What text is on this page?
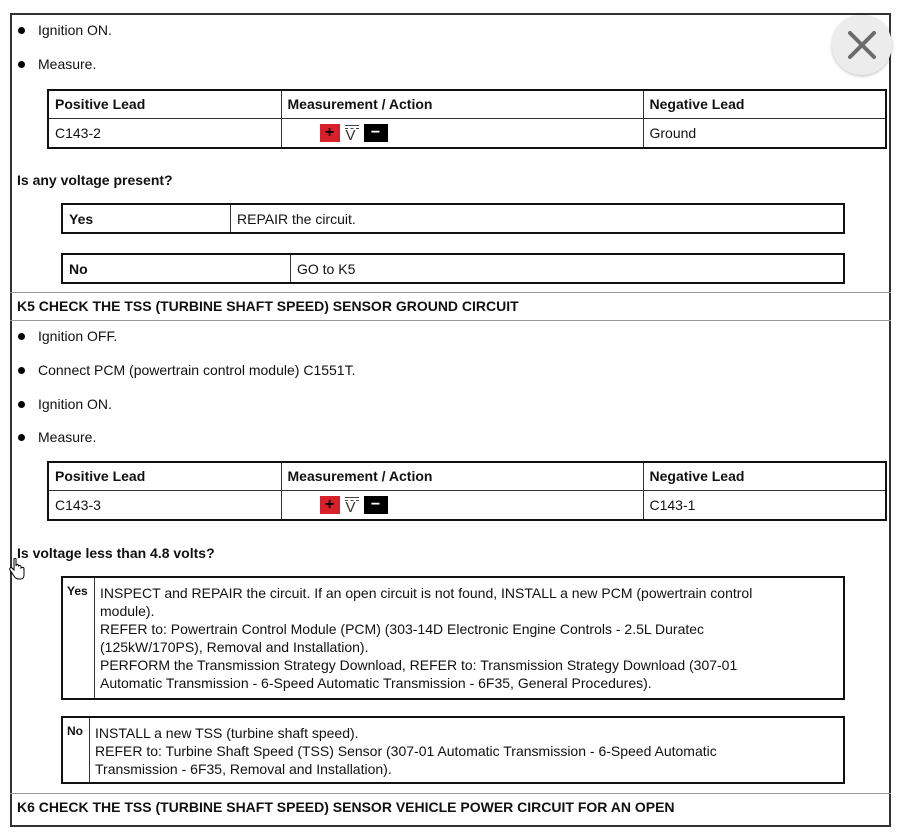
Ignition ON.
Measure.
Positive Lead	Measurement / Action	Negative Lead
C143-2	+ V −	Ground
Is any voltage present?
Yes	REPAIR the circuit.
No	GO to K5
K5 CHECK THE TSS (TURBINE SHAFT SPEED) SENSOR GROUND CIRCUIT
Ignition OFF.
Connect PCM (powertrain control module) C1551T.
Ignition ON.
Measure.
Positive Lead	Measurement / Action	Negative Lead
C143-3	+ V −	C143-1
Is voltage less than 4.8 volts?
Yes INSPECT and REPAIR the circuit. If an open circuit is not found, INSTALL a new PCM (powertrain control
module).
REFER to: Powertrain Control Module (PCM) (303-14D Electronic Engine Controls - 2.5L Duratec
(125kW/170PS), Removal and Installation).
PERFORM the Transmission Strategy Download, REFER to: Transmission Strategy Download (307-01
Automatic Transmission - 6-Speed Automatic Transmission - 6F35, General Procedures).
No INSTALL a new TSS (turbine shaft speed).
REFER to: Turbine Shaft Speed (TSS) Sensor (307-01 Automatic Transmission - 6-Speed Automatic
Transmission - 6F35, Removal and Installation).
K6 CHECK THE TSS (TURBINE SHAFT SPEED) SENSOR VEHICLE POWER CIRCUIT FOR AN OPEN
